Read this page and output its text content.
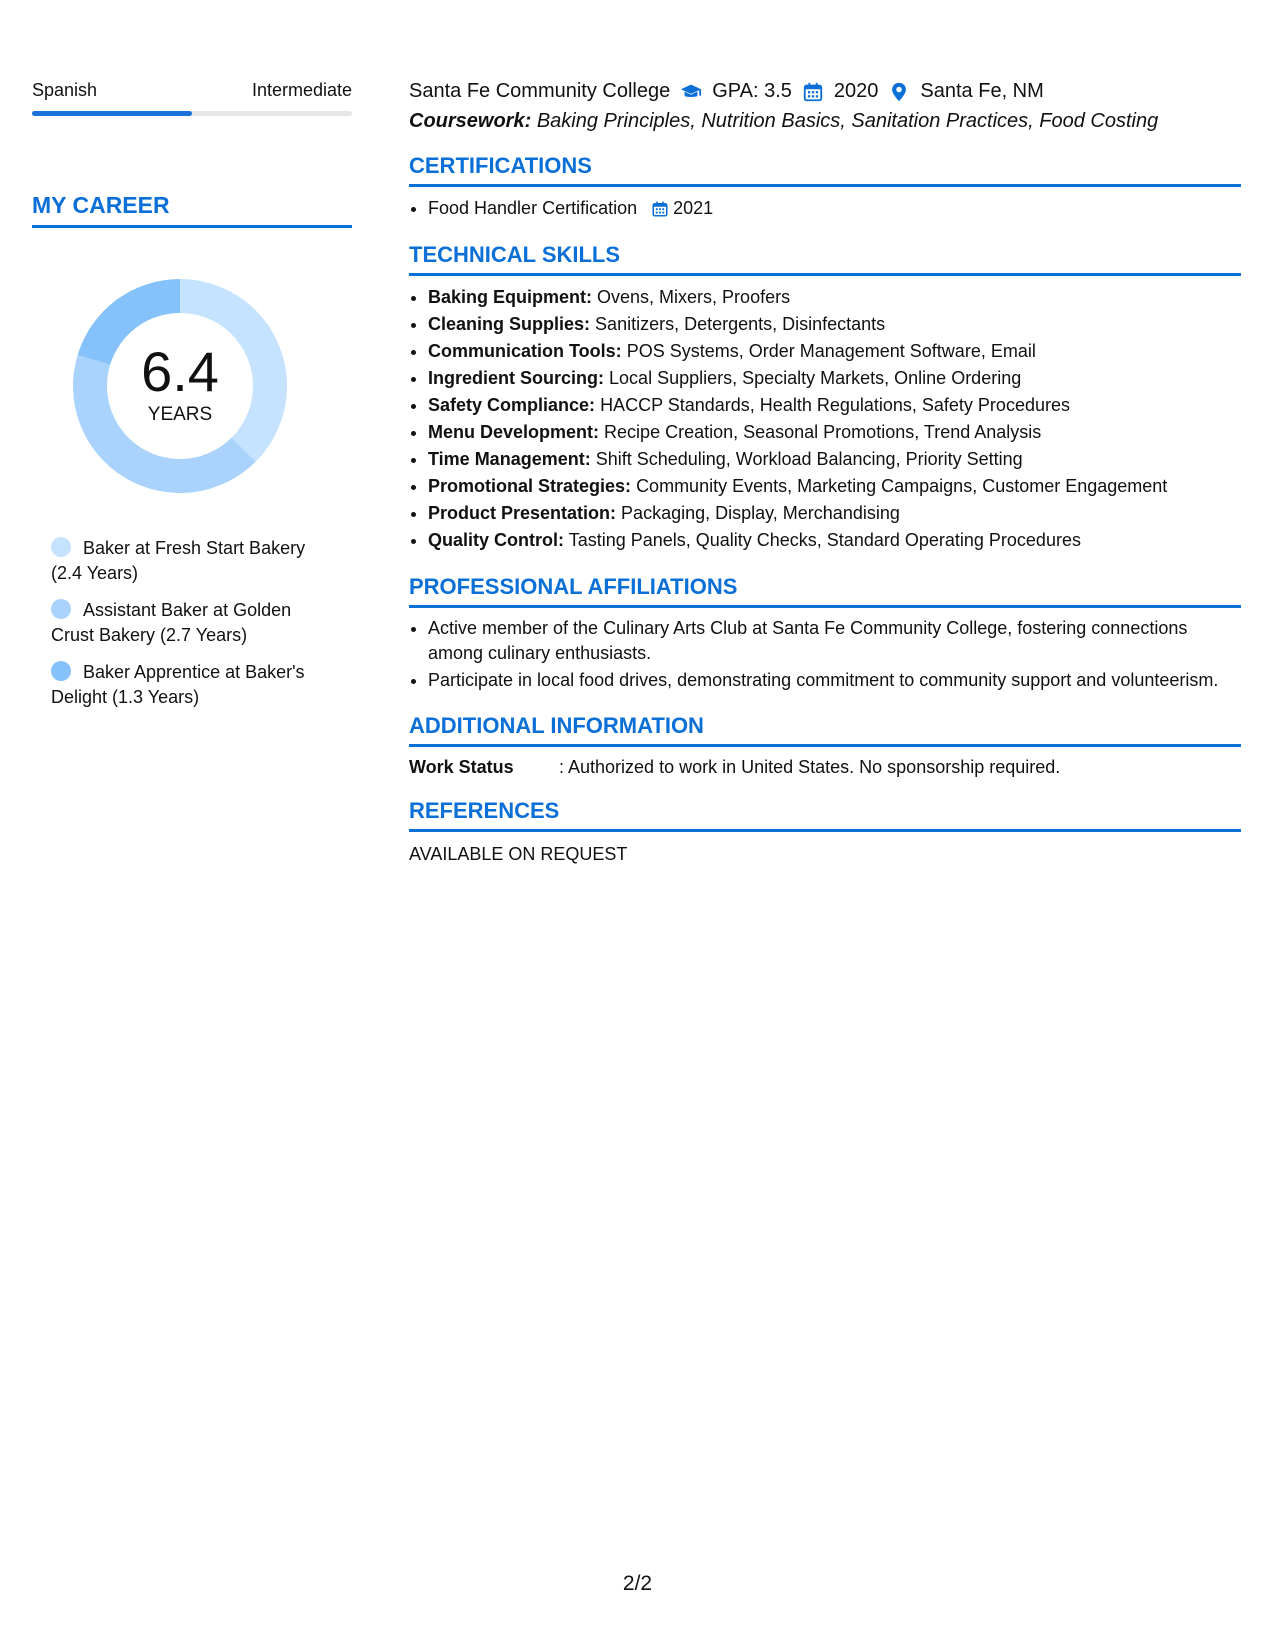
Spanish	Intermediate
MY CAREER
6.4
YEARS
Baker at Fresh Start Bakery (2.4 Years)
Assistant Baker at Golden Crust Bakery (2.7 Years)
Baker Apprentice at Baker's Delight (1.3 Years)
Santa Fe Community College GPA: 3.5 2020 Santa Fe, NM
Coursework: Baking Principles, Nutrition Basics, Sanitation Practices, Food Costing
CERTIFICATIONS
• Food Handler Certification 2021
TECHNICAL SKILLS
• Baking Equipment: Ovens, Mixers, Proofers
• Cleaning Supplies: Sanitizers, Detergents, Disinfectants
• Communication Tools: POS Systems, Order Management Software, Email
• Ingredient Sourcing: Local Suppliers, Specialty Markets, Online Ordering
• Safety Compliance: HACCP Standards, Health Regulations, Safety Procedures
• Menu Development: Recipe Creation, Seasonal Promotions, Trend Analysis
• Time Management: Shift Scheduling, Workload Balancing, Priority Setting
• Promotional Strategies: Community Events, Marketing Campaigns, Customer Engagement
• Product Presentation: Packaging, Display, Merchandising
• Quality Control: Tasting Panels, Quality Checks, Standard Operating Procedures
PROFESSIONAL AFFILIATIONS
• Active member of the Culinary Arts Club at Santa Fe Community College, fostering connections among culinary enthusiasts.
• Participate in local food drives, demonstrating commitment to community support and volunteerism.
ADDITIONAL INFORMATION
Work Status	: Authorized to work in United States. No sponsorship required.
REFERENCES
AVAILABLE ON REQUEST
2/2
